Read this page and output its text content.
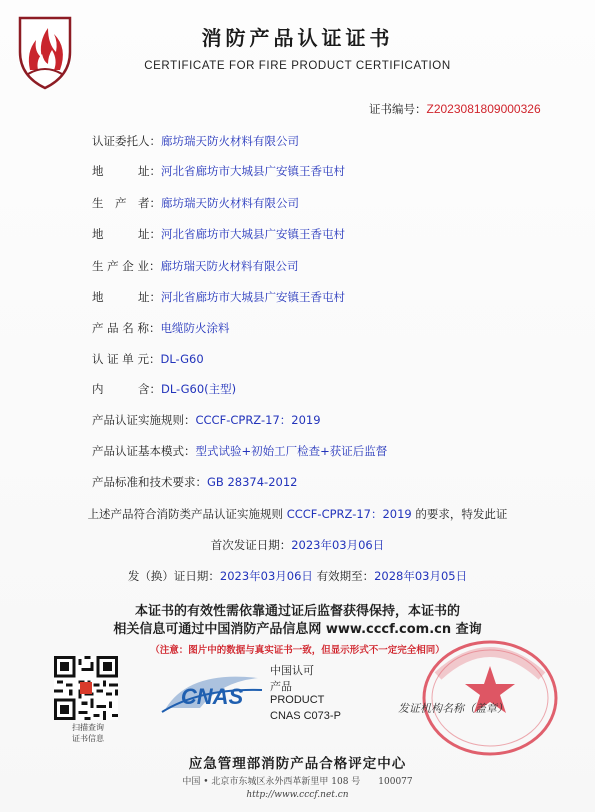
消防产品认证证书
CERTIFICATE FOR FIRE PRODUCT CERTIFICATION
证书编号：Z2023081809000326
认证委托人：廊坊瑞天防火材料有限公司
地　　　址：河北省廊坊市大城县广安镇王香屯村
生　产　者：廊坊瑞天防火材料有限公司
地　　　址：河北省廊坊市大城县广安镇王香屯村
生 产 企 业：廊坊瑞天防火材料有限公司
地　　　址：河北省廊坊市大城县广安镇王香屯村
产 品 名 称：电缆防火涂料
认 证 单 元：DL-G60
内　　　含：DL-G60(主型)
产品认证实施规则：CCCF-CPRZ-17：2019
产品认证基本模式：型式试验+初始工厂检查+获证后监督
产品标准和技术要求：GB 28374-2012
上述产品符合消防类产品认证实施规则 CCCF-CPRZ-17：2019 的要求，特发此证
首次发证日期：2023年03月06日
发（换）证日期：2023年03月06日 有效期至：2028年03月05日
本证书的有效性需依靠通过证后监督获得保持，本证书的
相关信息可通过中国消防产品信息网 www.cccf.com.cn 查询
（注意：图片中的数据与真实证书一致，但显示形式不一定完全相同）
扫描查询
证书信息
CNAS
中国认可
产品
PRODUCT
CNAS C073-P
发证机构名称（盖章）
应急管理部消防产品合格评定中心
中国 • 北京市东城区永外西革新里甲 108 号　　100077
http://www.cccf.net.cn
